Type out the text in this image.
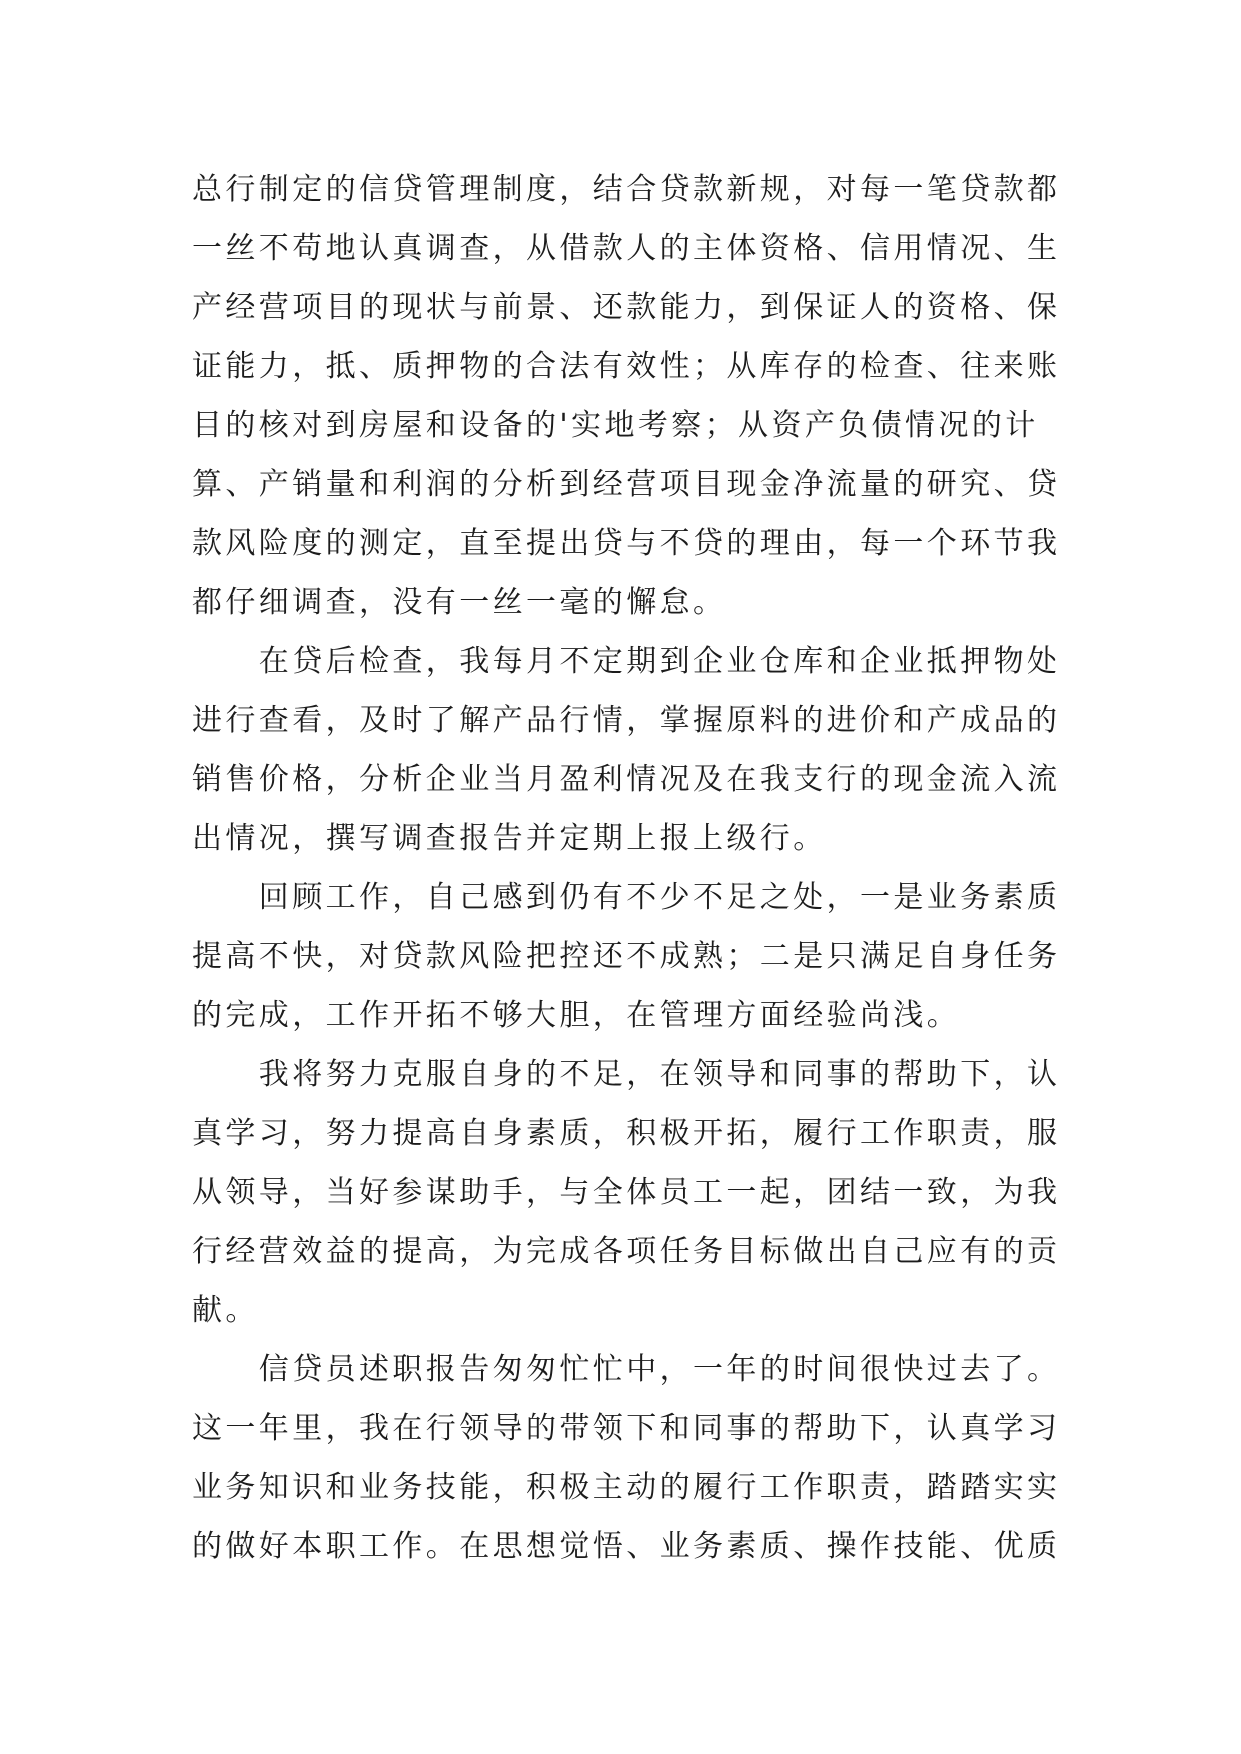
总行制定的信贷管理制度，结合贷款新规，对每一笔贷款都
一丝不苟地认真调查，从借款人的主体资格、信用情况、生
产经营项目的现状与前景、还款能力，到保证人的资格、保
证能力，抵、质押物的合法有效性；从库存的检查、往来账
目的核对到房屋和设备的'实地考察；从资产负债情况的计
算、产销量和利润的分析到经营项目现金净流量的研究、贷
款风险度的测定，直至提出贷与不贷的理由，每一个环节我
都仔细调查，没有一丝一毫的懈怠。
　　在贷后检查，我每月不定期到企业仓库和企业抵押物处
进行查看，及时了解产品行情，掌握原料的进价和产成品的
销售价格，分析企业当月盈利情况及在我支行的现金流入流
出情况，撰写调查报告并定期上报上级行。
　　回顾工作，自己感到仍有不少不足之处，一是业务素质
提高不快，对贷款风险把控还不成熟；二是只满足自身任务
的完成，工作开拓不够大胆，在管理方面经验尚浅。
　　我将努力克服自身的不足，在领导和同事的帮助下，认
真学习，努力提高自身素质，积极开拓，履行工作职责，服
从领导，当好参谋助手，与全体员工一起，团结一致，为我
行经营效益的提高，为完成各项任务目标做出自己应有的贡
献。
　　信贷员述职报告匆匆忙忙中，一年的时间很快过去了。
这一年里，我在行领导的带领下和同事的帮助下，认真学习
业务知识和业务技能，积极主动的履行工作职责，踏踏实实
的做好本职工作。在思想觉悟、业务素质、操作技能、优质
